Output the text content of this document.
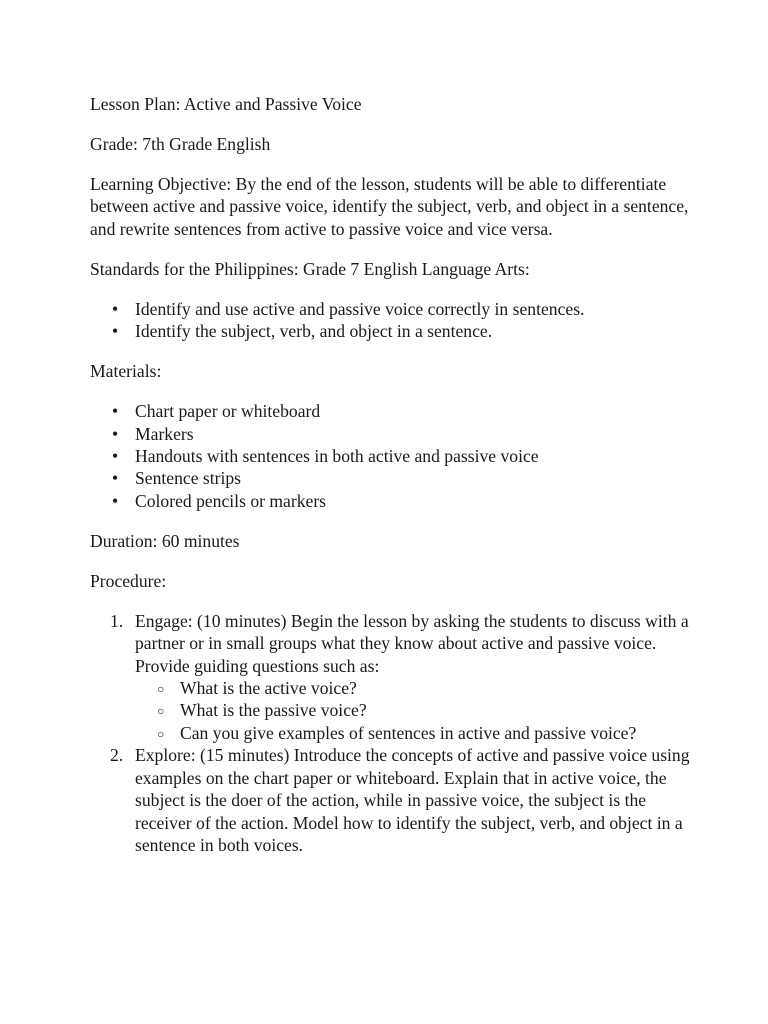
Lesson Plan: Active and Passive Voice

Grade: 7th Grade English

Learning Objective: By the end of the lesson, students will be able to differentiate between active and passive voice, identify the subject, verb, and object in a sentence, and rewrite sentences from active to passive voice and vice versa.

Standards for the Philippines: Grade 7 English Language Arts:

• Identify and use active and passive voice correctly in sentences.
• Identify the subject, verb, and object in a sentence.

Materials:

• Chart paper or whiteboard
• Markers
• Handouts with sentences in both active and passive voice
• Sentence strips
• Colored pencils or markers

Duration: 60 minutes

Procedure:

1. Engage: (10 minutes) Begin the lesson by asking the students to discuss with a partner or in small groups what they know about active and passive voice. Provide guiding questions such as:
○ What is the active voice?
○ What is the passive voice?
○ Can you give examples of sentences in active and passive voice?
2. Explore: (15 minutes) Introduce the concepts of active and passive voice using examples on the chart paper or whiteboard. Explain that in active voice, the subject is the doer of the action, while in passive voice, the subject is the receiver of the action. Model how to identify the subject, verb, and object in a sentence in both voices.
